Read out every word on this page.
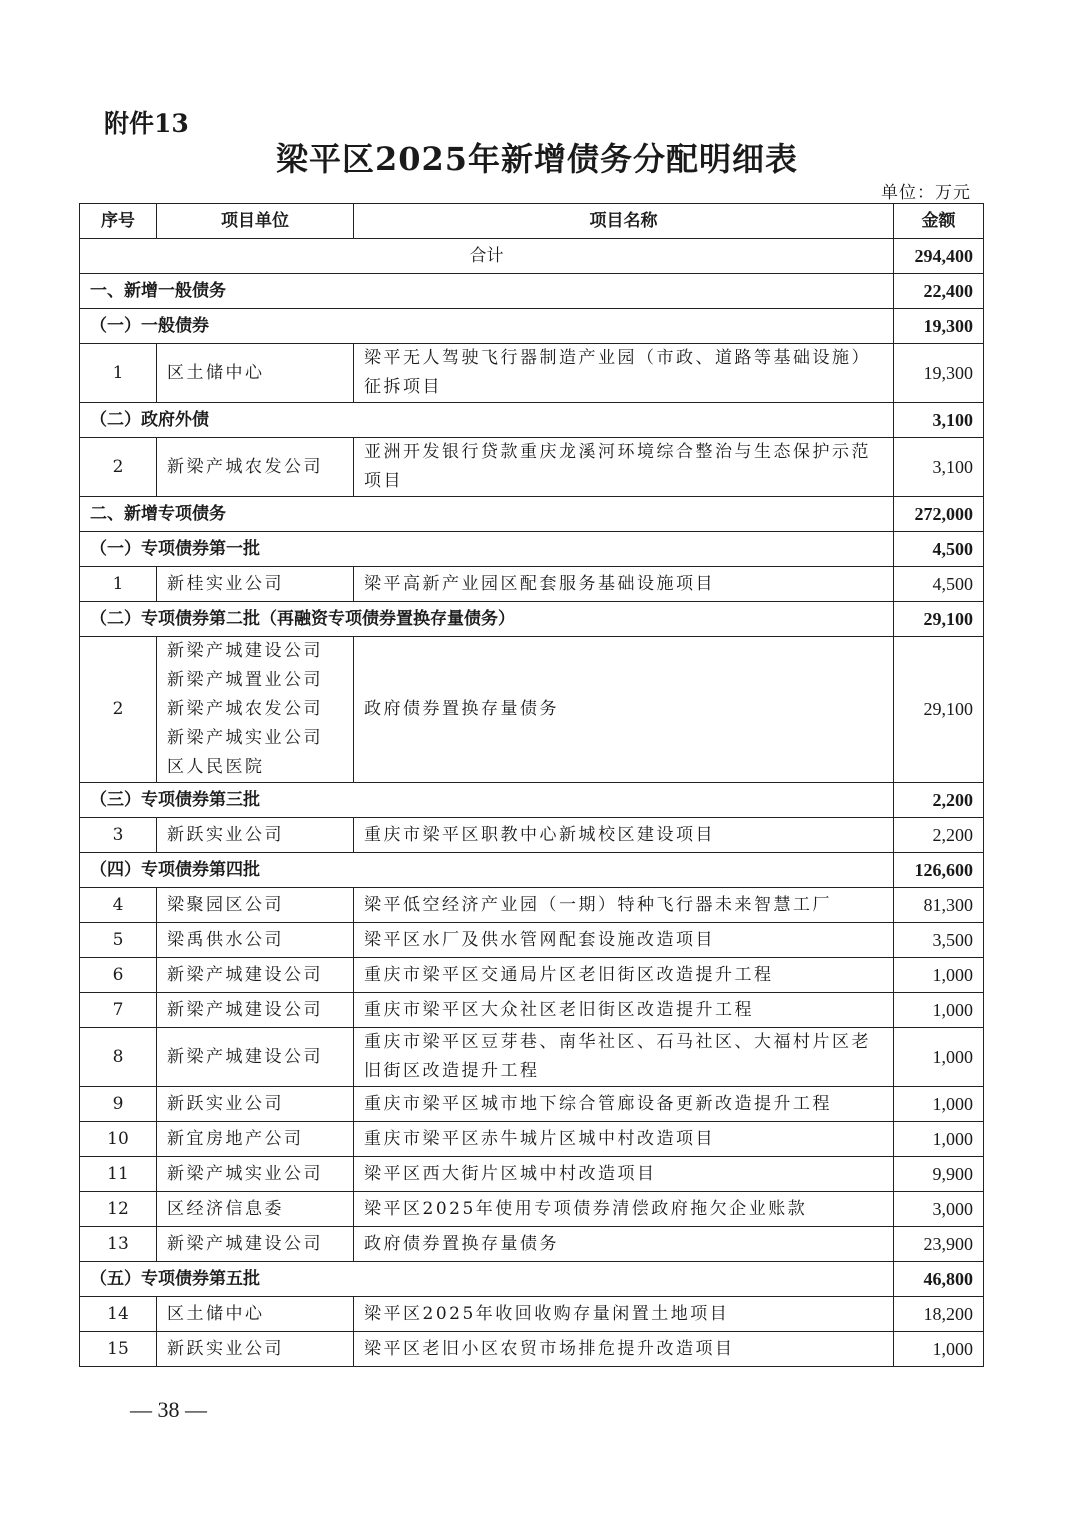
附件13
梁平区2025年新增债务分配明细表
单位：万元
序号	项目单位	项目名称	金额
合计			294,400
一、新增一般债务			22,400
（一）一般债券			19,300
1	区土储中心	梁平无人驾驶飞行器制造产业园（市政、道路等基础设施）征拆项目	19,300
（二）政府外债			3,100
2	新梁产城农发公司	亚洲开发银行贷款重庆龙溪河环境综合整治与生态保护示范项目	3,100
二、新增专项债务			272,000
（一）专项债券第一批			4,500
1	新桂实业公司	梁平高新产业园区配套服务基础设施项目	4,500
（二）专项债券第二批（再融资专项债券置换存量债务）			29,100
2	新梁产城建设公司
新梁产城置业公司
新梁产城农发公司
新梁产城实业公司
区人民医院	政府债券置换存量债务	29,100
（三）专项债券第三批			2,200
3	新跃实业公司	重庆市梁平区职教中心新城校区建设项目	2,200
（四）专项债券第四批			126,600
4	梁聚园区公司	梁平低空经济产业园（一期）特种飞行器未来智慧工厂	81,300
5	梁禹供水公司	梁平区水厂及供水管网配套设施改造项目	3,500
6	新梁产城建设公司	重庆市梁平区交通局片区老旧街区改造提升工程	1,000
7	新梁产城建设公司	重庆市梁平区大众社区老旧街区改造提升工程	1,000
8	新梁产城建设公司	重庆市梁平区豆芽巷、南华社区、石马社区、大福村片区老旧街区改造提升工程	1,000
9	新跃实业公司	重庆市梁平区城市地下综合管廊设备更新改造提升工程	1,000
10	新宜房地产公司	重庆市梁平区赤牛城片区城中村改造项目	1,000
11	新梁产城实业公司	梁平区西大街片区城中村改造项目	9,900
12	区经济信息委	梁平区2025年使用专项债券清偿政府拖欠企业账款	3,000
13	新梁产城建设公司	政府债券置换存量债务	23,900
（五）专项债券第五批			46,800
14	区土储中心	梁平区2025年收回收购存量闲置土地项目	18,200
15	新跃实业公司	梁平区老旧小区农贸市场排危提升改造项目	1,000
— 38 —
